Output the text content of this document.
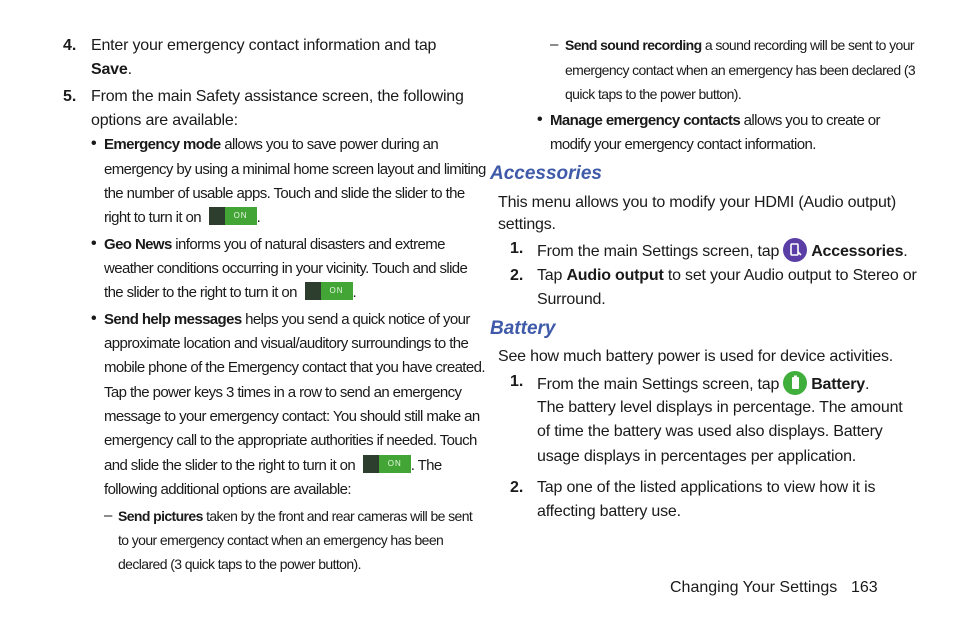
4. Enter your emergency contact information and tap
Save.
5. From the main Safety assistance screen, the following
options are available:
• Emergency mode allows you to save power during an
emergency by using a minimal home screen layout and limiting
the number of usable apps. Touch and slide the slider to the
right to turn it on	ON .
• Geo News informs you of natural disasters and extreme
weather conditions occurring in your vicinity. Touch and slide
the slider to the right to turn it on	ON .
• Send help messages helps you send a quick notice of your
approximate location and visual/auditory surroundings to the
mobile phone of the Emergency contact that you have created.
Tap the power keys 3 times in a row to send an emergency
message to your emergency contact: You should still make an
emergency call to the appropriate authorities if needed. Touch
and slide the slider to the right to turn it on	ON . The
following additional options are available:
– Send pictures taken by the front and rear cameras will be sent
to your emergency contact when an emergency has been
declared (3 quick taps to the power button).
– Send sound recording a sound recording will be sent to your
emergency contact when an emergency has been declared (3
quick taps to the power button).
• Manage emergency contacts allows you to create or
modify your emergency contact information.
Accessories
This menu allows you to modify your HDMI (Audio output)
settings.
1. From the main Settings screen, tap Accessories.
2. Tap Audio output to set your Audio output to Stereo or
Surround.
Battery
See how much battery power is used for device activities.
1. From the main Settings screen, tap Battery.
The battery level displays in percentage. The amount
of time the battery was used also displays. Battery
usage displays in percentages per application.
2. Tap one of the listed applications to view how it is
affecting battery use.
Changing Your Settings 163
